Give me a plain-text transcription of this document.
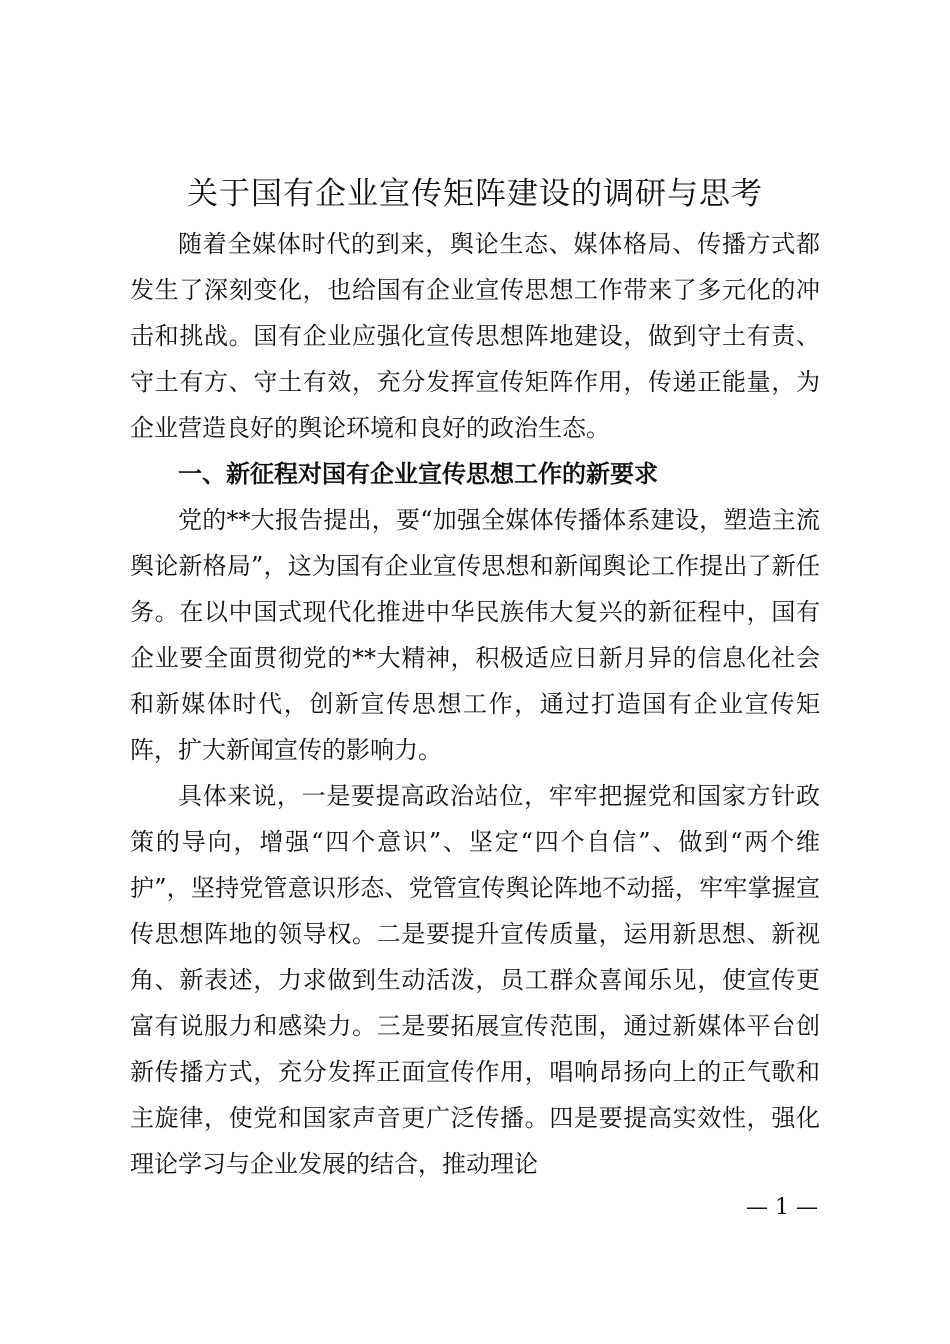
关于国有企业宣传矩阵建设的调研与思考

随着全媒体时代的到来，舆论生态、媒体格局、传播方式都发生了深刻变化，也给国有企业宣传思想工作带来了多元化的冲击和挑战。国有企业应强化宣传思想阵地建设，做到守土有责、守土有方、守土有效，充分发挥宣传矩阵作用，传递正能量，为企业营造良好的舆论环境和良好的政治生态。

一、新征程对国有企业宣传思想工作的新要求

党的**大报告提出，要“加强全媒体传播体系建设，塑造主流舆论新格局”，这为国有企业宣传思想和新闻舆论工作提出了新任务。在以中国式现代化推进中华民族伟大复兴的新征程中，国有企业要全面贯彻党的**大精神，积极适应日新月异的信息化社会和新媒体时代，创新宣传思想工作，通过打造国有企业宣传矩阵，扩大新闻宣传的影响力。

具体来说，一是要提高政治站位，牢牢把握党和国家方针政策的导向，增强“四个意识”、坚定“四个自信”、做到“两个维护”，坚持党管意识形态、党管宣传舆论阵地不动摇，牢牢掌握宣传思想阵地的领导权。二是要提升宣传质量，运用新思想、新视角、新表述，力求做到生动活泼，员工群众喜闻乐见，使宣传更富有说服力和感染力。三是要拓展宣传范围，通过新媒体平台创新传播方式，充分发挥正面宣传作用，唱响昂扬向上的正气歌和主旋律，使党和国家声音更广泛传播。四是要提高实效性，强化理论学习与企业发展的结合，推动理论

— 1 —
